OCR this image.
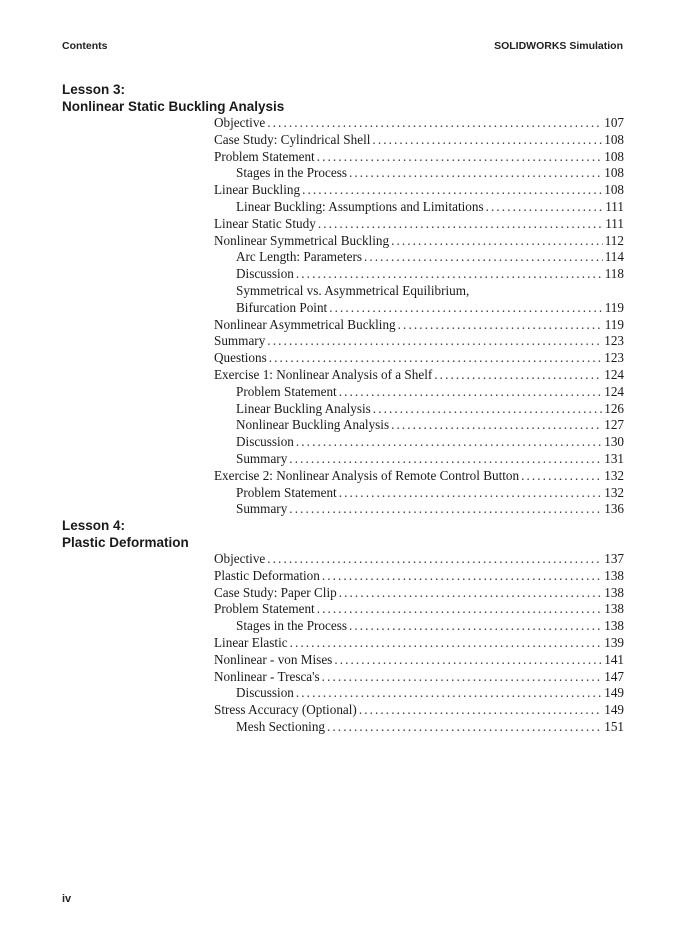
Contents	SOLIDWORKS Simulation
Lesson 3:
Nonlinear Static Buckling Analysis
Objective . . .	107
Case Study: Cylindrical Shell . . .	108
Problem Statement . . .	108
Stages in the Process . . .	108
Linear Buckling . . .	108
Linear Buckling: Assumptions and Limitations . . .	111
Linear Static Study . . .	111
Nonlinear Symmetrical Buckling . . .	112
Arc Length: Parameters . . .	114
Discussion . . .	118
Symmetrical vs. Asymmetrical Equilibrium,
Bifurcation Point . . .	119
Nonlinear Asymmetrical Buckling . . .	119
Summary . . .	123
Questions . . .	123
Exercise 1: Nonlinear Analysis of a Shelf . . .	124
Problem Statement . . .	124
Linear Buckling Analysis . . .	126
Nonlinear Buckling Analysis . . .	127
Discussion . . .	130
Summary . . .	131
Exercise 2: Nonlinear Analysis of Remote Control Button . . .	132
Problem Statement . . .	132
Summary . . .	136
Lesson 4:
Plastic Deformation
Objective . . .	137
Plastic Deformation . . .	138
Case Study: Paper Clip . . .	138
Problem Statement . . .	138
Stages in the Process . . .	138
Linear Elastic . . .	139
Nonlinear - von Mises . . .	141
Nonlinear - Tresca's . . .	147
Discussion . . .	149
Stress Accuracy (Optional) . . .	149
Mesh Sectioning . . .	151
iv
